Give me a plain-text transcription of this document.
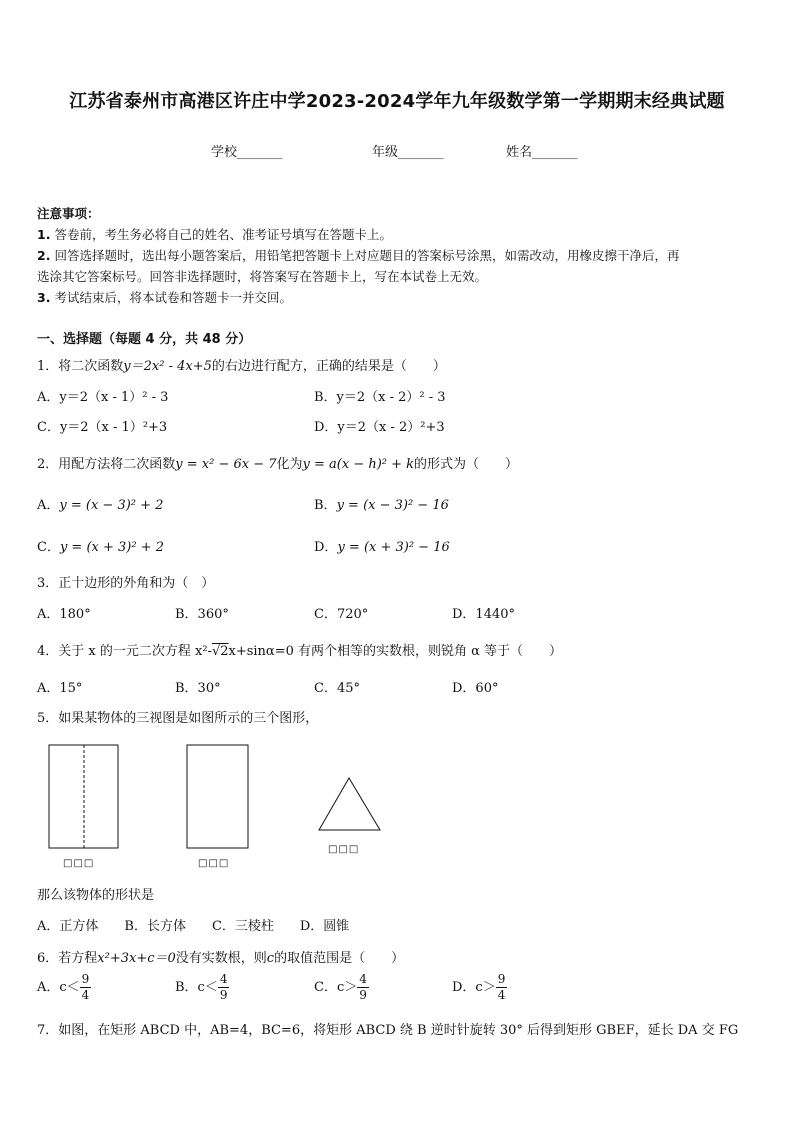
江苏省泰州市高港区许庄中学2023-2024学年九年级数学第一学期期末经典试题
学校_______	年级_______	姓名_______
注意事项：
1. 答卷前，考生务必将自己的姓名、准考证号填写在答题卡上。
2. 回答选择题时，选出每小题答案后，用铅笔把答题卡上对应题目的答案标号涂黑，如需改动，用橡皮擦干净后，再
选涂其它答案标号。回答非选择题时，将答案写在答题卡上，写在本试卷上无效。
3. 考试结束后，将本试卷和答题卡一并交回。
一、选择题（每题 4 分，共 48 分）
1．将二次函数y＝2x² - 4x+5的右边进行配方，正确的结果是（　　）
A．y＝2（x - 1）² - 3	B．y＝2（x - 2）² - 3
C．y＝2（x - 1）²+3	D．y＝2（x - 2）²+3
2．用配方法将二次函数y = x² − 6x − 7化为y = a(x − h)² + k的形式为（　　）
A．y = (x − 3)² + 2	B．y = (x − 3)² − 16
C．y = (x + 3)² + 2	D．y = (x + 3)² − 16
3．正十边形的外角和为（　）
A．180°	B．360°	C．720°	D．1440°
4．关于 x 的一元二次方程 x²-√2x+sinα=0 有两个相等的实数根，则锐角 α 等于（　　）
A．15°	B．30°	C．45°	D．60°
5．如果某物体的三视图是如图所示的三个图形，
□□□	□□□
□□□
那么该物体的形状是
A．正方体　　B．长方体　　C．三棱柱　　D．圆锥
6．若方程x²+3x+c＝0没有实数根，则c的取值范围是（　　）
A．$c< \frac{9}{4}$	B．$c< \frac{4}{9}$	C．$c> \frac{4}{9}$	D．$c> \frac{9}{4}$
7．如图，在矩形 ABCD 中，AB=4，BC=6，将矩形 ABCD 绕 B 逆时针旋转 30° 后得到矩形 GBEF，延长 DA 交 FG
